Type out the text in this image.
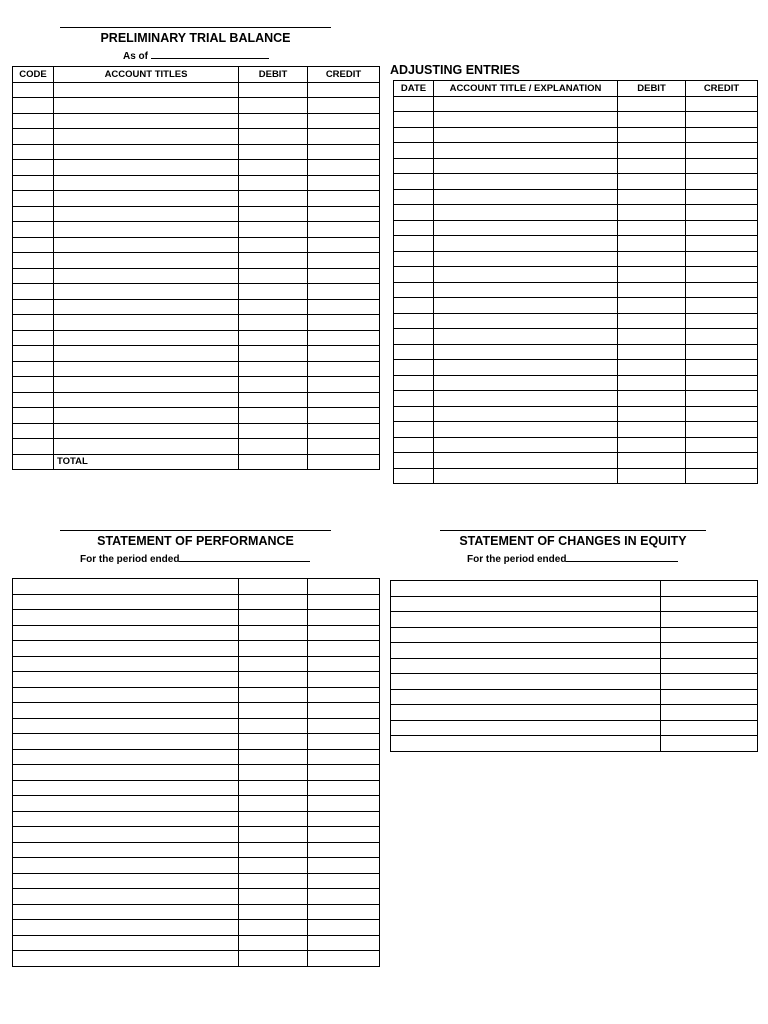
PRELIMINARY TRIAL BALANCE
As of
CODE	ACCOUNT TITLES	DEBIT	CREDIT

	TOTAL		
ADJUSTING ENTRIES
DATE	ACCOUNT TITLE / EXPLANATION	DEBIT	CREDIT

STATEMENT OF PERFORMANCE
For the period ended

STATEMENT OF CHANGES IN EQUITY
For the period ended
